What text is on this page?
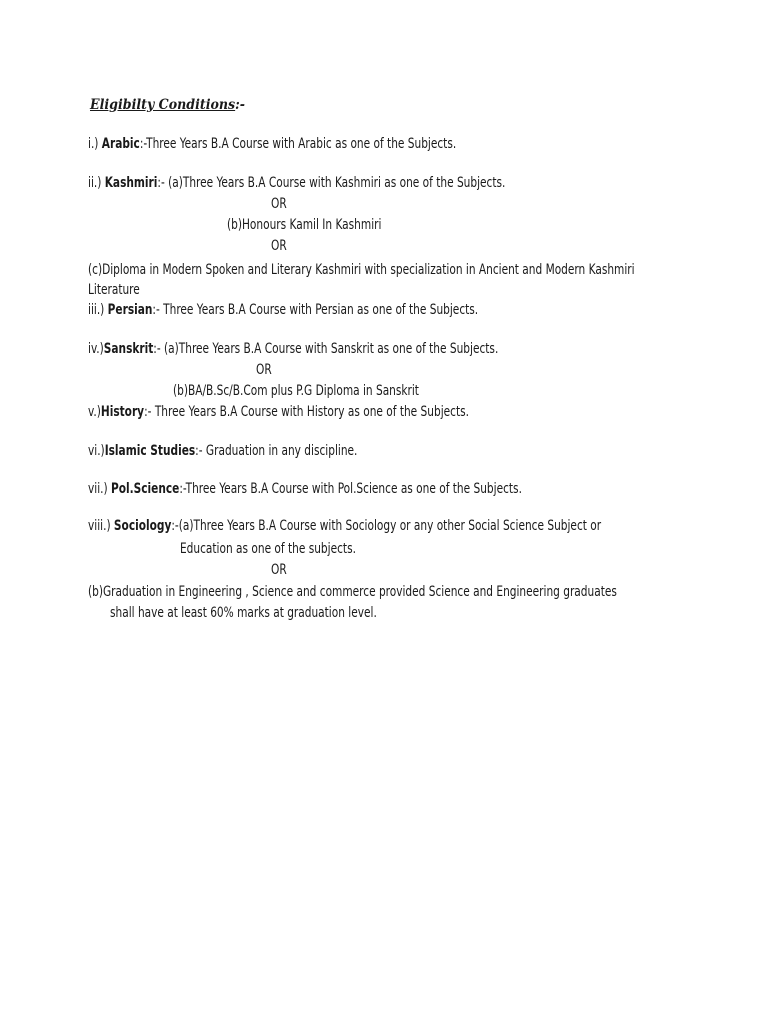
Eligibilty Conditions:-
i.) Arabic:-Three Years B.A Course with Arabic as one of the Subjects.
ii.) Kashmiri:- (a)Three Years B.A Course with Kashmiri as one of the Subjects.
OR
(b)Honours Kamil In Kashmiri
OR
(c)Diploma in Modern Spoken and Literary Kashmiri with specialization in Ancient and Modern Kashmiri
Literature
iii.) Persian:- Three Years B.A Course with Persian as one of the Subjects.
iv.)Sanskrit:- (a)Three Years B.A Course with Sanskrit as one of the Subjects.
OR
(b)BA/B.Sc/B.Com plus P.G Diploma in Sanskrit
v.)History:- Three Years B.A Course with History as one of the Subjects.
vi.)Islamic Studies:- Graduation in any discipline.
vii.) Pol.Science:-Three Years B.A Course with Pol.Science as one of the Subjects.
viii.) Sociology:-(a)Three Years B.A Course with Sociology or any other Social Science Subject or
Education as one of the subjects.
OR
(b)Graduation in Engineering , Science and commerce provided Science and Engineering graduates
shall have at least 60% marks at graduation level.
